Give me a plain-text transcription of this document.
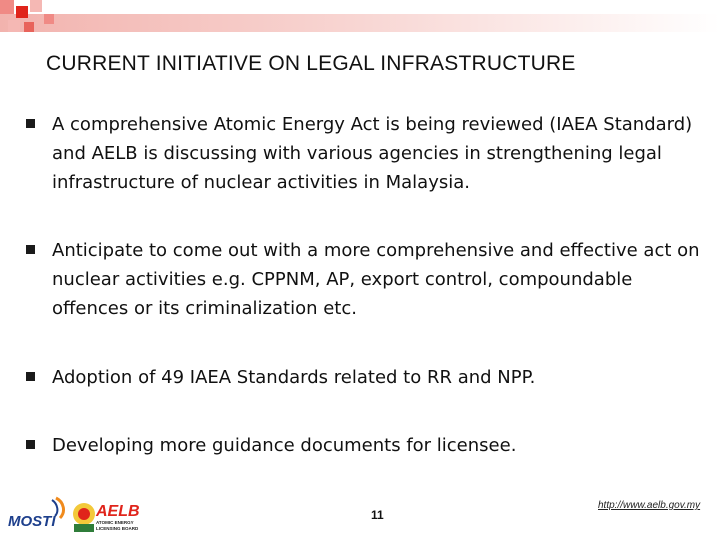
CURRENT INITIATIVE ON LEGAL INFRASTRUCTURE
A comprehensive Atomic Energy Act is being reviewed (IAEA Standard) and AELB is discussing with various agencies in strengthening legal infrastructure of nuclear activities in Malaysia.
Anticipate to come out with a more comprehensive and effective act on nuclear activities e.g. CPPNM, AP, export control, compoundable offences or its criminalization etc.
Adoption of 49 IAEA Standards related to RR and NPP.
Developing more guidance documents for licensee.
MOSTI
AELB
ATOMIC ENERGY
LICENSING BOARD
11
http://www.aelb.gov.my
